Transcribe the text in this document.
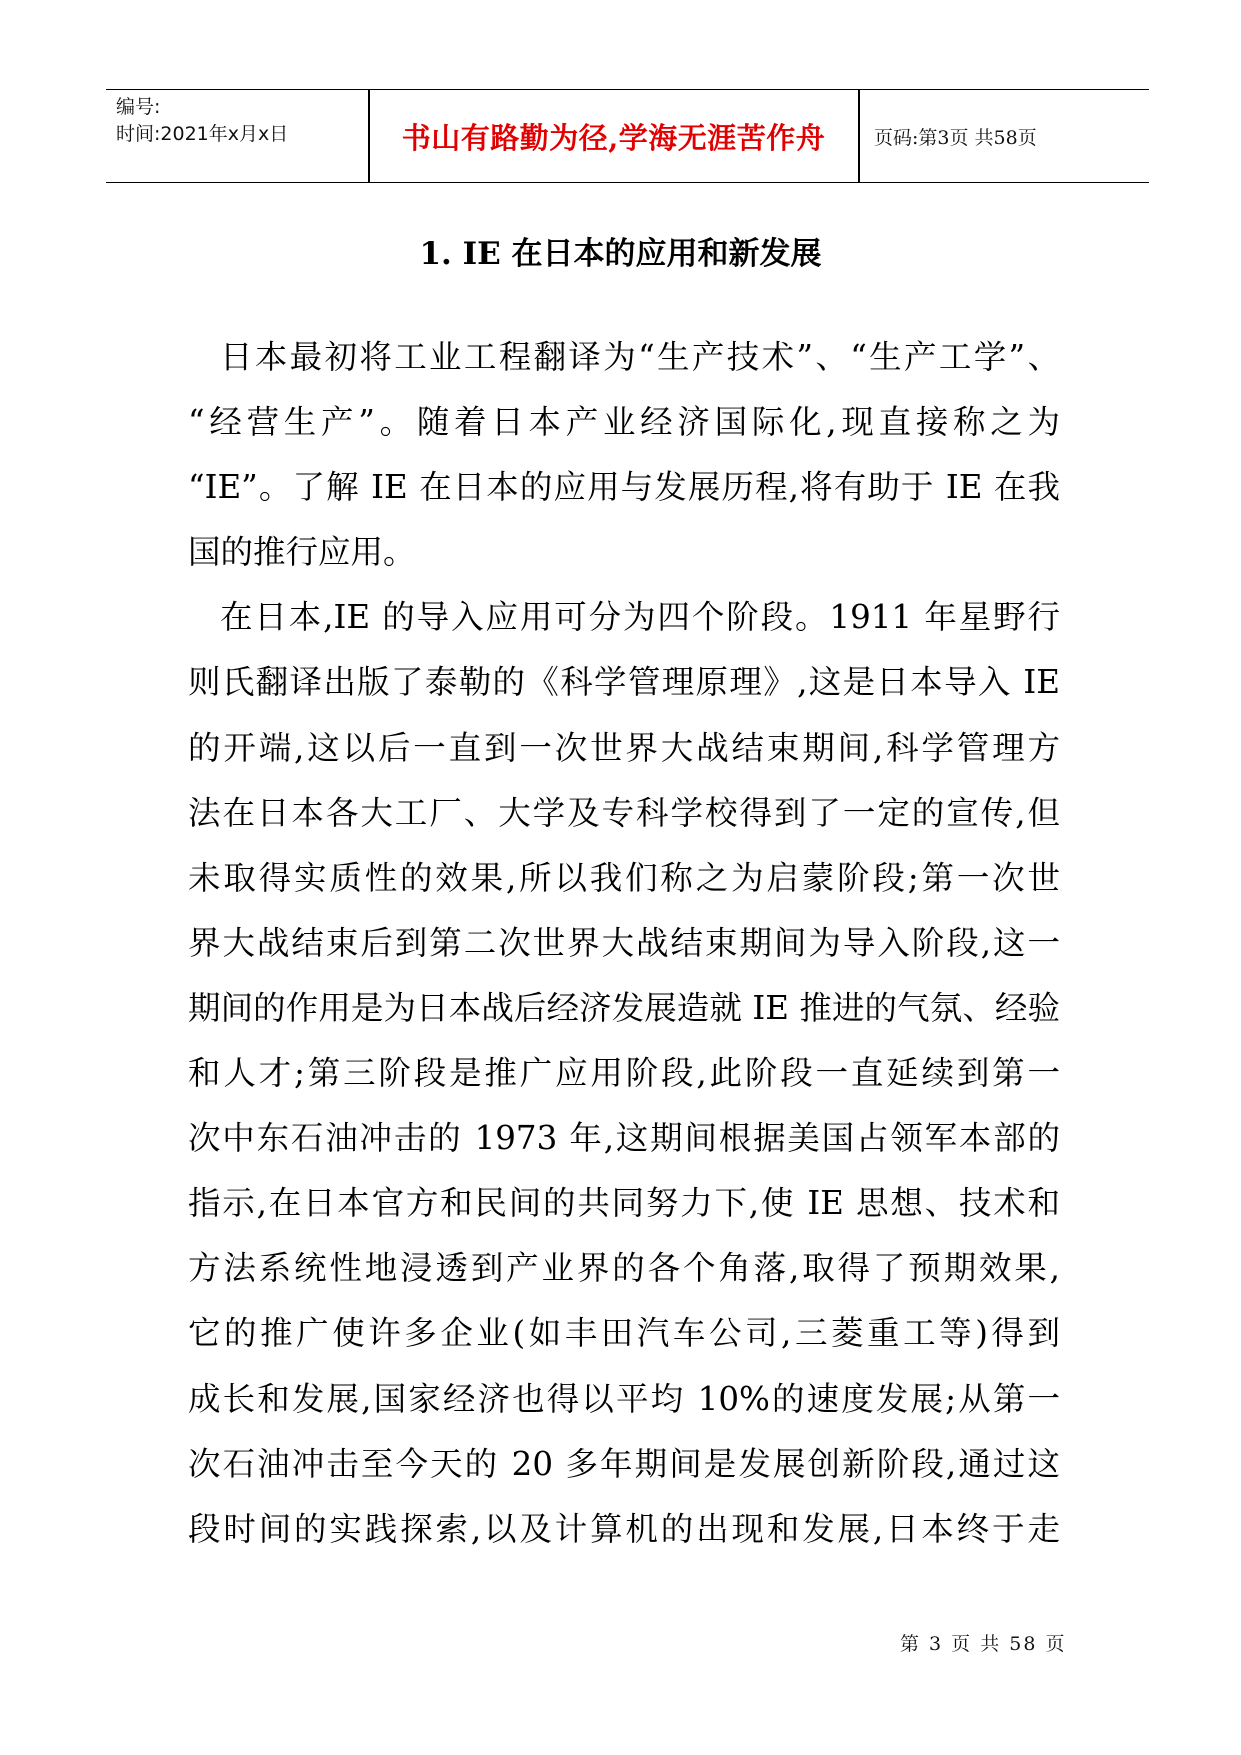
编号:
时间:2021年x月x日	书山有路勤为径,学海无涯苦作舟	页码:第3页 共58页
1. IE 在日本的应用和新发展
日本最初将工业工程翻译为“生产技术”、“生产工学”、
“经营生产”。随着日本产业经济国际化,现直接称之为
“IE”。了解 IE 在日本的应用与发展历程,将有助于 IE 在我
国的推行应用。
在日本,IE 的导入应用可分为四个阶段。1911 年星野行
则氏翻译出版了泰勒的《科学管理原理》,这是日本导入 IE
的开端,这以后一直到一次世界大战结束期间,科学管理方
法在日本各大工厂、大学及专科学校得到了一定的宣传,但
未取得实质性的效果,所以我们称之为启蒙阶段;第一次世
界大战结束后到第二次世界大战结束期间为导入阶段,这一
期间的作用是为日本战后经济发展造就 IE 推进的气氛、经验
和人才;第三阶段是推广应用阶段,此阶段一直延续到第一
次中东石油冲击的 1973 年,这期间根据美国占领军本部的
指示,在日本官方和民间的共同努力下,使 IE 思想、技术和
方法系统性地浸透到产业界的各个角落,取得了预期效果,
它的推广使许多企业(如丰田汽车公司,三菱重工等)得到
成长和发展,国家经济也得以平均 10%的速度发展;从第一
次石油冲击至今天的 20 多年期间是发展创新阶段,通过这
段时间的实践探索,以及计算机的出现和发展,日本终于走
第 3 页 共 58 页
